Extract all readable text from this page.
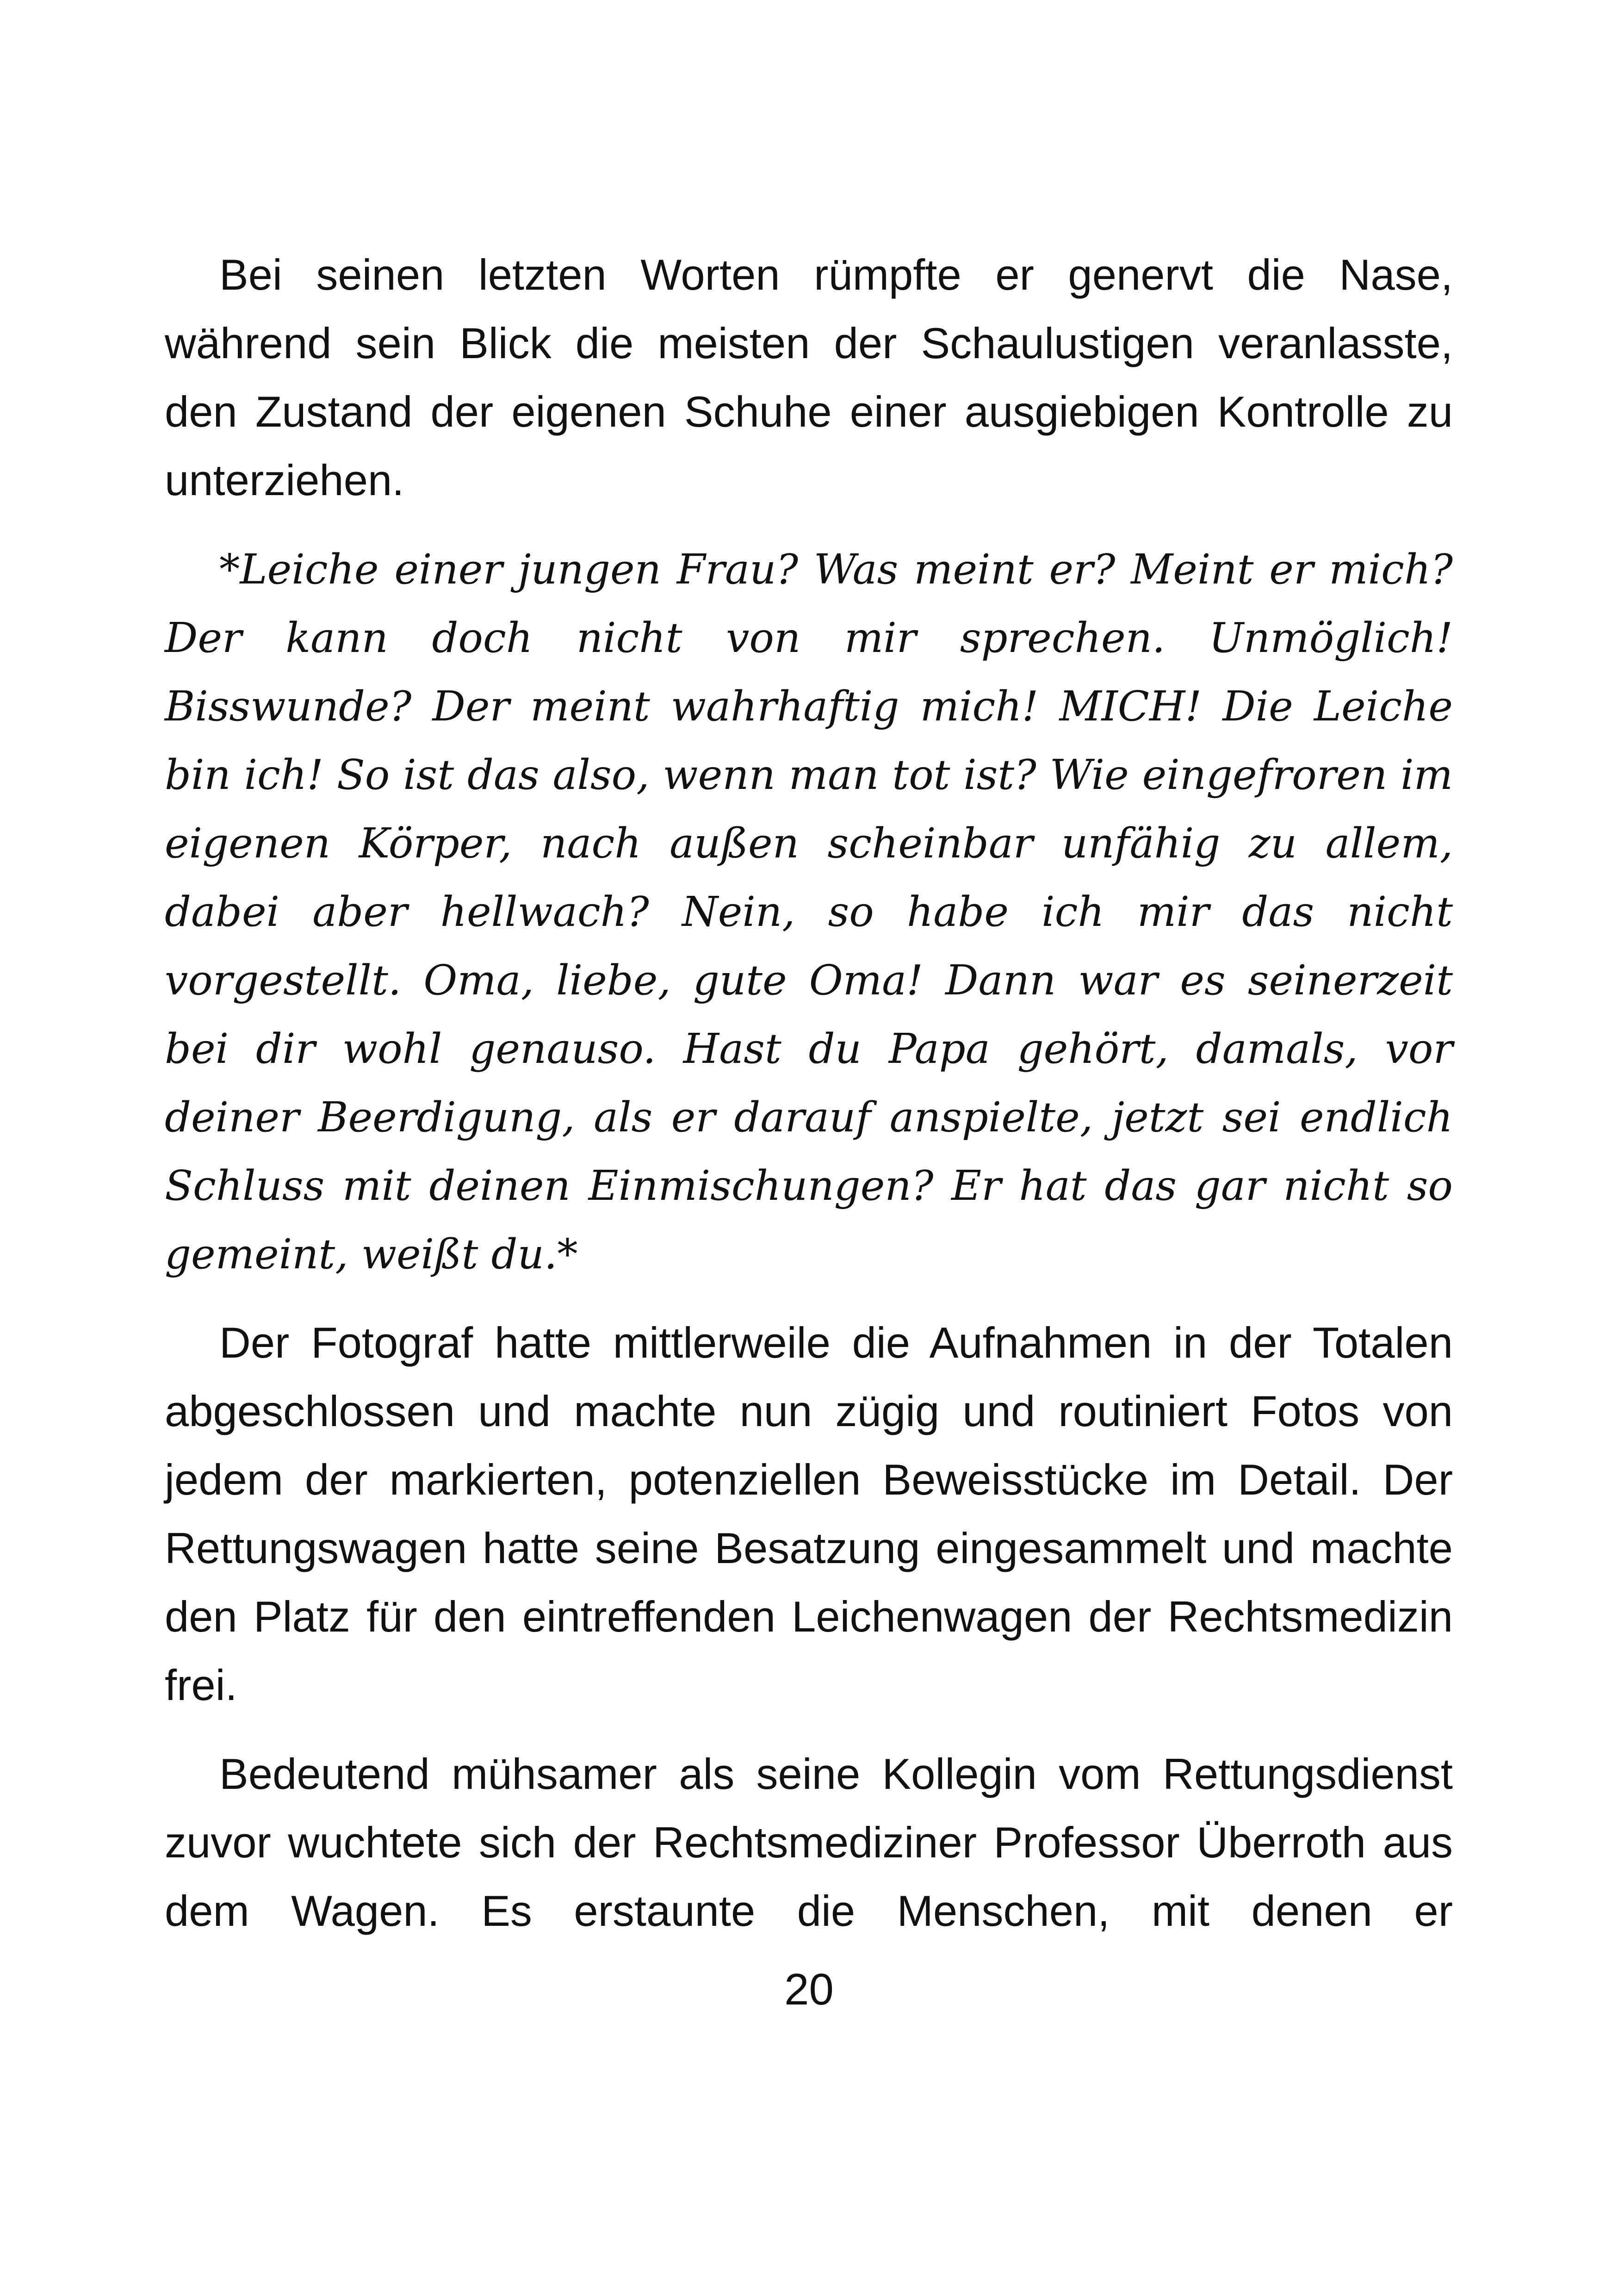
Bei seinen letzten Worten rümpfte er genervt die Nase, während sein Blick die meisten der Schaulustigen veranlasste, den Zustand der eigenen Schuhe einer ausgiebigen Kontrolle zu unterziehen.

*Leiche einer jungen Frau? Was meint er? Meint er mich? Der kann doch nicht von mir sprechen. Unmöglich! Bisswunde? Der meint wahrhaftig mich! MICH! Die Leiche bin ich! So ist das also, wenn man tot ist? Wie eingefroren im eigenen Körper, nach außen scheinbar unfähig zu allem, dabei aber hellwach? Nein, so habe ich mir das nicht vorgestellt. Oma, liebe, gute Oma! Dann war es seinerzeit bei dir wohl genauso. Hast du Papa gehört, damals, vor deiner Beerdigung, als er darauf anspielte, jetzt sei endlich Schluss mit deinen Einmischungen? Er hat das gar nicht so gemeint, weißt du.*

Der Fotograf hatte mittlerweile die Aufnahmen in der Totalen abgeschlossen und machte nun zügig und routiniert Fotos von jedem der markierten, potenziellen Beweisstücke im Detail. Der Rettungswagen hatte seine Besatzung eingesammelt und machte den Platz für den eintreffenden Leichenwagen der Rechtsmedizin frei.

Bedeutend mühsamer als seine Kollegin vom Rettungsdienst zuvor wuchtete sich der Rechtsmediziner Professor Überroth aus dem Wagen. Es erstaunte die Menschen, mit denen er

20
